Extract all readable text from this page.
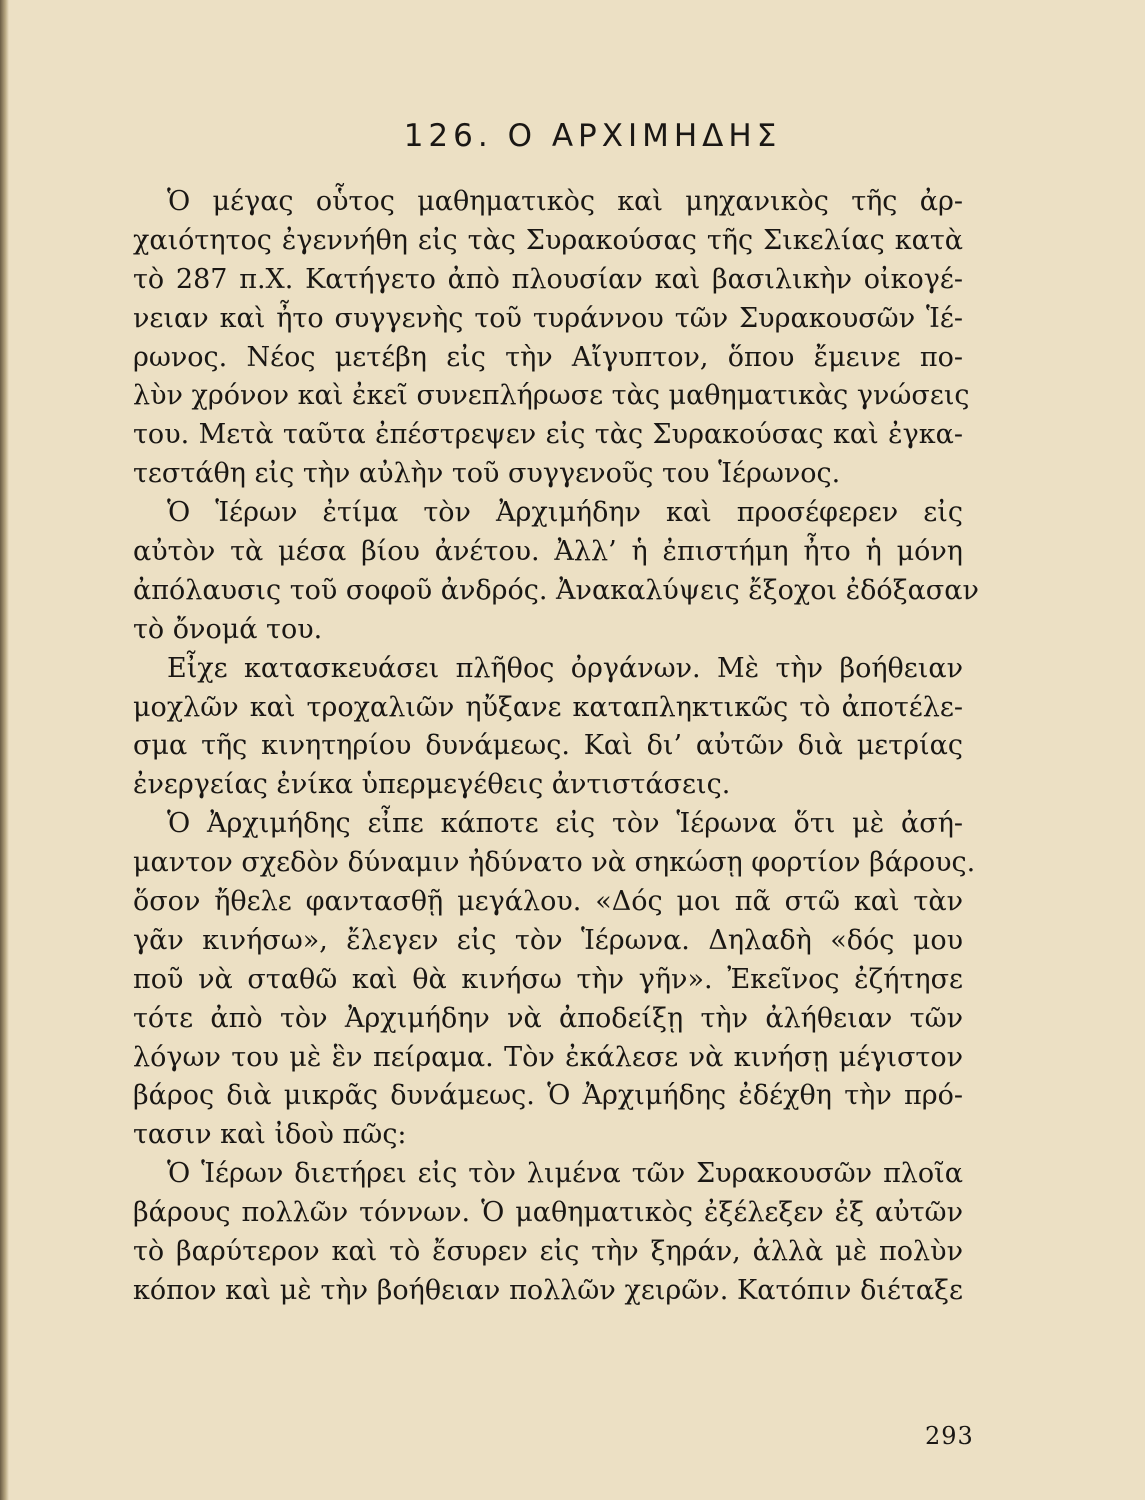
126. Ο ΑΡΧΙΜΗΔΗΣ
Ὁ μέγας οὗτος μαθηματικὸς καὶ μηχανικὸς τῆς ἀρ-
χαιότητος ἐγεννήθη εἰς τὰς Συρακούσας τῆς Σικελίας κατὰ
τὸ 287 π.Χ. Κατήγετο ἀπὸ πλουσίαν καὶ βασιλικὴν οἰκογέ-
νειαν καὶ ἦτο συγγενὴς τοῦ τυράννου τῶν Συρακουσῶν Ἱέ-
ρωνος. Νέος μετέβη εἰς τὴν Αἴγυπτον, ὅπου ἔμεινε πο-
λὺν χρόνον καὶ ἐκεῖ συνεπλήρωσε τὰς μαθηματικὰς γνώσεις
του. Μετὰ ταῦτα ἐπέστρεψεν εἰς τὰς Συρακούσας καὶ ἐγκα-
τεστάθη εἰς τὴν αὐλὴν τοῦ συγγενοῦς του Ἱέρωνος.
Ὁ Ἱέρων ἐτίμα τὸν Ἀρχιμήδην καὶ προσέφερεν εἰς
αὐτὸν τὰ μέσα βίου ἀνέτου. Ἀλλ’ ἡ ἐπιστήμη ἦτο ἡ μόνη
ἀπόλαυσις τοῦ σοφοῦ ἀνδρός. Ἀνακαλύψεις ἔξοχοι ἐδόξασαν
τὸ ὄνομά του.
Εἶχε κατασκευάσει πλῆθος ὀργάνων. Μὲ τὴν βοήθειαν
μοχλῶν καὶ τροχαλιῶν ηὔξανε καταπληκτικῶς τὸ ἀποτέλε-
σμα τῆς κινητηρίου δυνάμεως. Καὶ δι’ αὐτῶν διὰ μετρίας
ἐνεργείας ἐνίκα ὑπερμεγέθεις ἀντιστάσεις.
Ὁ Ἀρχιμήδης εἶπε κάποτε εἰς τὸν Ἱέρωνα ὅτι μὲ ἀσή-
μαντον σχεδὸν δύναμιν ἠδύνατο νὰ σηκώσῃ φορτίον βάρους.
ὅσον ἤθελε φαντασθῇ μεγάλου. «Δός μοι πᾶ στῶ καὶ τὰν
γᾶν κινήσω», ἔλεγεν εἰς τὸν Ἱέρωνα. Δηλαδὴ «δός μου
ποῦ νὰ σταθῶ καὶ θὰ κινήσω τὴν γῆν». Ἐκεῖνος ἐζήτησε
τότε ἀπὸ τὸν Ἀρχιμήδην νὰ ἀποδείξῃ τὴν ἀλήθειαν τῶν
λόγων του μὲ ἓν πείραμα. Τὸν ἐκάλεσε νὰ κινήσῃ μέγιστον
βάρος διὰ μικρᾶς δυνάμεως. Ὁ Ἀρχιμήδης ἐδέχθη τὴν πρό-
τασιν καὶ ἰδοὺ πῶς:
Ὁ Ἱέρων διετήρει εἰς τὸν λιμένα τῶν Συρακουσῶν πλοῖα
βάρους πολλῶν τόννων. Ὁ μαθηματικὸς ἐξέλεξεν ἐξ αὐτῶν
τὸ βαρύτερον καὶ τὸ ἔσυρεν εἰς τὴν ξηράν, ἀλλὰ μὲ πολὺν
κόπον καὶ μὲ τὴν βοήθειαν πολλῶν χειρῶν. Κατόπιν διέταξε
293
